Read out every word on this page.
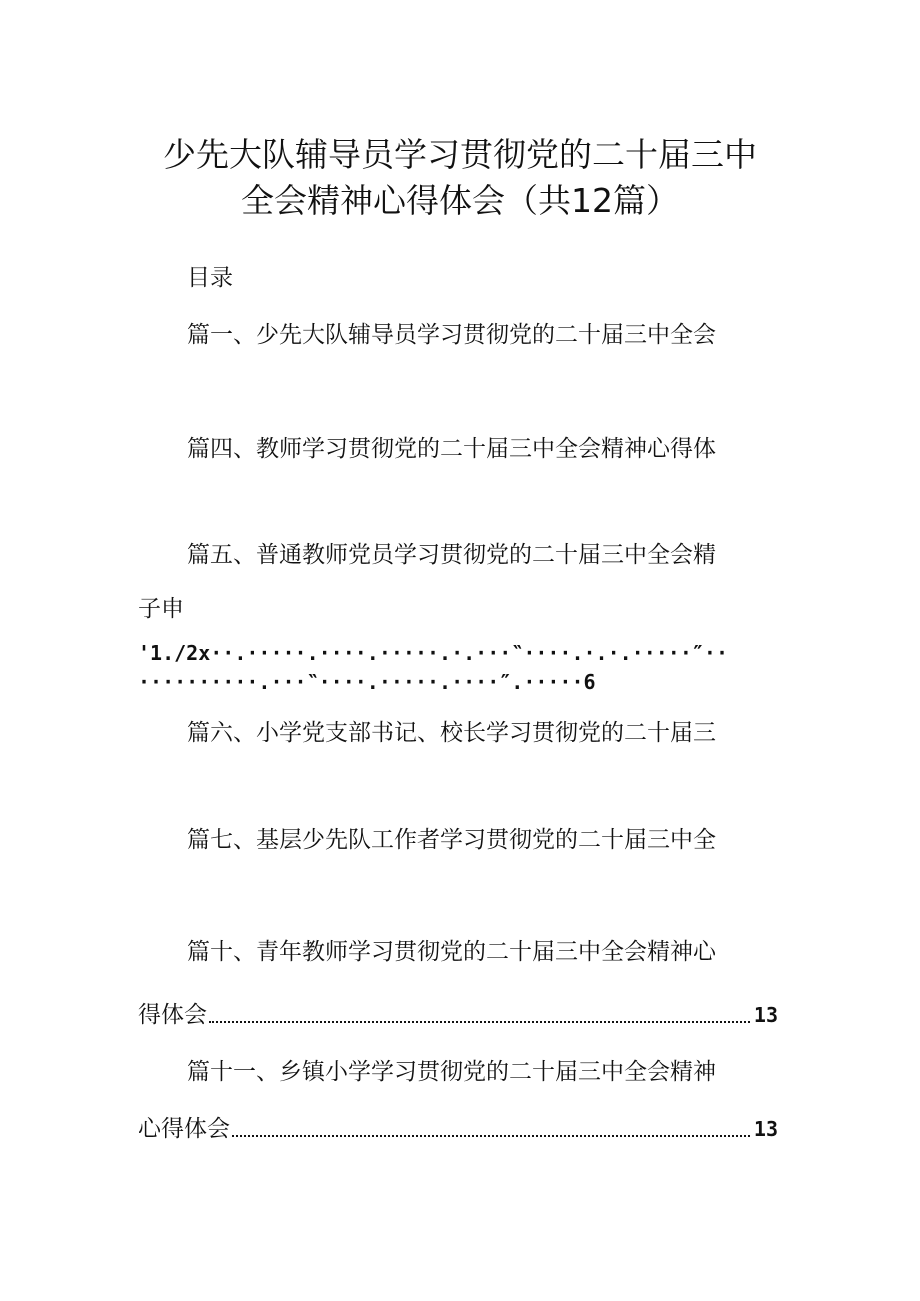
少先大队辅导员学习贯彻党的二十届三中
全会精神心得体会（共12篇）
目录
篇一、少先大队辅导员学习贯彻党的二十届三中全会
篇四、教师学习贯彻党的二十届三中全会精神心得体
篇五、普通教师党员学习贯彻党的二十届三中全会精
子申
'1./2x··.·····.····.·····.·.···‶····.·.·.·····″··
··········.···‶····.·····.····″.·····6
篇六、小学党支部书记、校长学习贯彻党的二十届三
篇七、基层少先队工作者学习贯彻党的二十届三中全
篇十、青年教师学习贯彻党的二十届三中全会精神心
得体会	13
篇十一、乡镇小学学习贯彻党的二十届三中全会精神
心得体会	13
